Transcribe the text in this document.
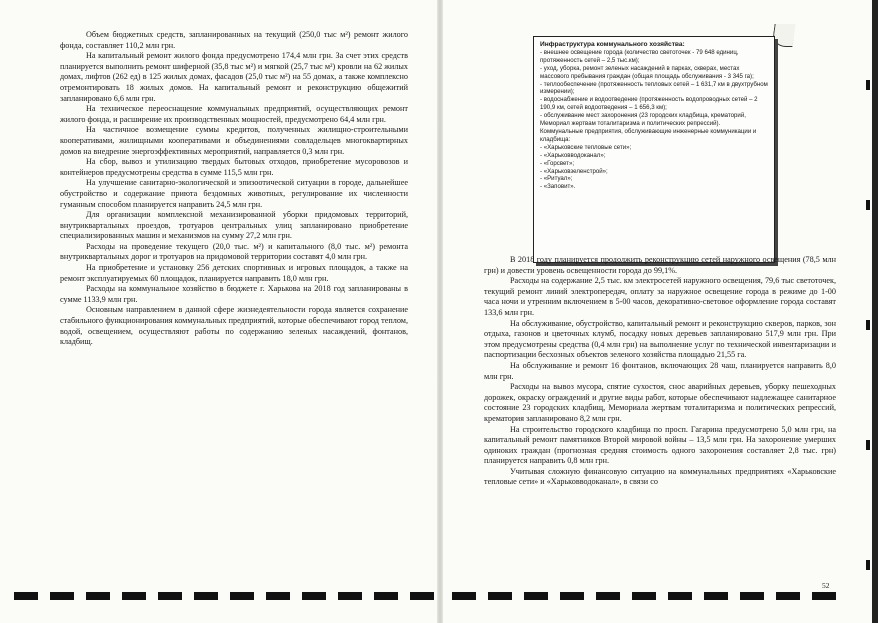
Объем бюджетных средств, запланированных на текущий (250,0 тыс м²) ремонт жилого фонда, составляет 110,2 млн грн.

На капитальный ремонт жилого фонда предусмотрено 174,4 млн грн. За счет этих средств планируется выполнить ремонт шиферной (35,8 тыс м²) и мягкой (25,7 тыс м²) кровли на 62 жилых домах, лифтов (262 ед) в 125 жилых домах, фасадов (25,0 тыс м²) на 55 домах, а также комплексно отремонтировать 18 жилых домов. На капитальный ремонт и реконструкцию общежитий запланировано 6,6 млн грн.

На техническое переоснащение коммунальных предприятий, осуществляющих ремонт жилого фонда, и расширение их производственных мощностей, предусмотрено 64,4 млн грн.

На частичное возмещение суммы кредитов, полученных жилищно-строительными кооперативами, жилищными кооперативами и объединениями совладельцев многоквартирных домов на внедрение энергоэффективных мероприятий, направляется 0,3 млн грн.

На сбор, вывоз и утилизацию твердых бытовых отходов, приобретение мусоровозов и контейнеров предусмотрены средства в сумме 115,5 млн грн.

На улучшение санитарно-экологической и эпизоотической ситуации в городе, дальнейшее обустройство и содержание приюта бездомных животных, регулирование их численности гуманным способом планируется направить 24,5 млн грн.

Для организации комплексной механизированной уборки придомовых территорий, внутриквартальных проездов, тротуаров центральных улиц запланировано приобретение специализированных машин и механизмов на сумму 27,2 млн грн.

Расходы на проведение текущего (20,0 тыс. м²) и капитального (8,0 тыс. м²) ремонта внутриквартальных дорог и тротуаров на придомовой территории составят 4,0 млн грн.

На приобретение и установку 256 детских спортивных и игровых площадок, а также на ремонт эксплуатируемых 60 площадок, планируется направить 18,0 млн грн.

Расходы на коммунальное хозяйство в бюджете г. Харькова на 2018 год запланированы в сумме 1133,9 млн грн.

Основным направлением в данной сфере жизнедеятельности города является сохранение стабильного функционирования коммунальных предприятий, которые обеспечивают город теплом, водой, освещением, осуществляют работы по содержанию зеленых насаждений, фонтанов, кладбищ.

Инфраструктура коммунального хозяйства:
- внешнее освещение города (количество светоточек - 79 648 единиц, протяженность сетей – 2,5 тыс.км);
- уход, уборка, ремонт зеленых насаждений в парках, скверах, местах массового пребывания граждан (общая площадь обслуживания - 3 345 га);
- теплообеспечение (протяженность тепловых сетей – 1 631,7 км в двухтрубном измерении);
- водоснабжение и водоотведение (протяженность водопроводных сетей – 2 190,9 км, сетей водоотведения – 1 656,3 км);
- обслуживание мест захоронения (23 городских кладбища, крематорий, Мемориал жертвам тоталитаризма и политических репрессий).
Коммунальные предприятия, обслуживающие инженерные коммуникации и кладбища:
- «Харьковские тепловые сети»;
- «Харьковводоканал»;
- «Горсвет»;
- «Харьковзеленстрой»;
- «Ритуал»;
- «Заповит».

В 2018 году планируется продолжить реконструкцию сетей наружного освещения (78,5 млн грн) и довести уровень освещенности города до 99,1%.

Расходы на содержание 2,5 тыс. км электросетей наружного освещения, 79,6 тыс светоточек, текущий ремонт линий электропередач, оплату за наружное освещение города в режиме до 1-00 часа ночи и утренним включением в 5-00 часов, декоративно-световое оформление города составят 133,6 млн грн.

На обслуживание, обустройство, капитальный ремонт и реконструкцию скверов, парков, зон отдыха, газонов и цветочных клумб, посадку новых деревьев запланировано 517,9 млн грн. При этом предусмотрены средства (0,4 млн грн) на выполнение услуг по технической инвентаризации и паспортизации бесхозных объектов зеленого хозяйства площадью 21,55 га.

На обслуживание и ремонт 16 фонтанов, включающих 28 чаш, планируется направить 8,0 млн грн.

Расходы на вывоз мусора, спятие сухостоя, снос аварийных деревьев, уборку пешеходных дорожек, окраску ограждений и другие виды работ, которые обеспечивают надлежащее санитарное состояние 23 городских кладбищ, Мемориала жертвам тоталитаризма и политических репрессий, крематория запланировано 8,2 млн грн.

На строительство городского кладбища по просп. Гагарина предусмотрено 5,0 млн грн, на капитальный ремонт памятников Второй мировой войны – 13,5 млн грн. На захоронение умерших одиноких граждан (прогнозная средняя стоимость одного захоронения составляет 2,8 тыс. грн) планируется направить 0,8 млн грн.

Учитывая сложную финансовую ситуацию на коммунальных предприятиях «Харьковские тепловые сети» и «Харьковводоканал», в связи со

52
